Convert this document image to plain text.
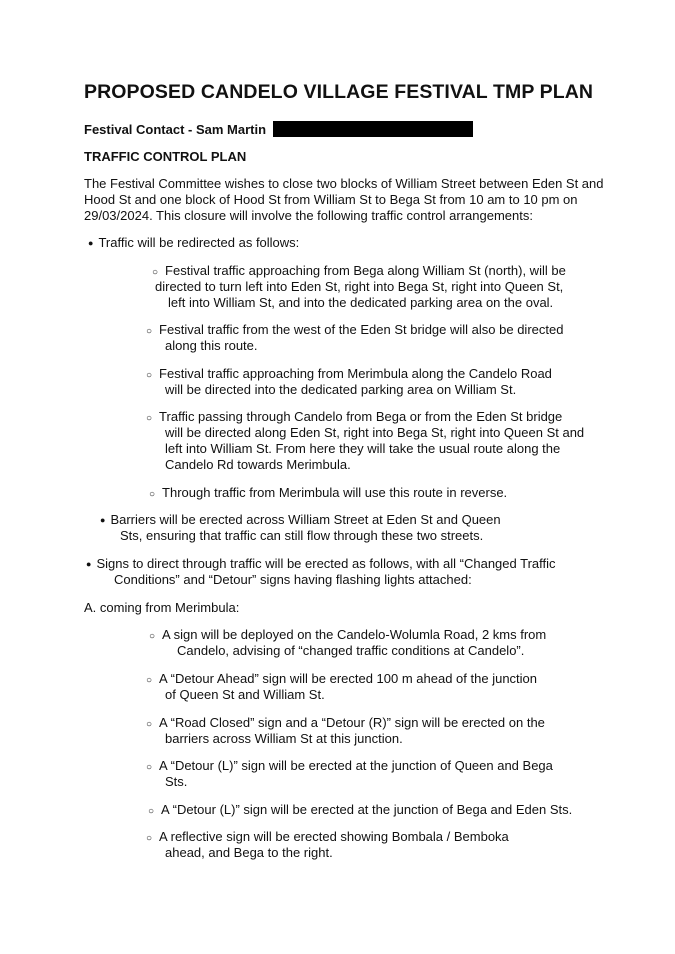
PROPOSED CANDELO VILLAGE FESTIVAL TMP PLAN
Festival Contact - Sam Martin
TRAFFIC CONTROL PLAN
The Festival Committee wishes to close two blocks of William Street between Eden St and
Hood St and one block of Hood St from William St to Bega St from 10 am to 10 pm on
29/03/2024. This closure will involve the following traffic control arrangements:
● Traffic will be redirected as follows:
○ Festival traffic approaching from Bega along William St (north), will be
directed to turn left into Eden St, right into Bega St, right into Queen St,
left into William St, and into the dedicated parking area on the oval.
○ Festival traffic from the west of the Eden St bridge will also be directed
along this route.
○ Festival traffic approaching from Merimbula along the Candelo Road
will be directed into the dedicated parking area on William St.
○ Traffic passing through Candelo from Bega or from the Eden St bridge
will be directed along Eden St, right into Bega St, right into Queen St and
left into William St. From here they will take the usual route along the
Candelo Rd towards Merimbula.
○ Through traffic from Merimbula will use this route in reverse.
● Barriers will be erected across William Street at Eden St and Queen
Sts, ensuring that traffic can still flow through these two streets.
● Signs to direct through traffic will be erected as follows, with all “Changed Traffic
Conditions” and “Detour” signs having flashing lights attached:
A. coming from Merimbula:
○ A sign will be deployed on the Candelo-Wolumla Road, 2 kms from
Candelo, advising of “changed traffic conditions at Candelo”.
○ A “Detour Ahead” sign will be erected 100 m ahead of the junction
of Queen St and William St.
○ A “Road Closed” sign and a “Detour (R)” sign will be erected on the
barriers across William St at this junction.
○ A “Detour (L)” sign will be erected at the junction of Queen and Bega
Sts.
○ A “Detour (L)” sign will be erected at the junction of Bega and Eden Sts.
○ A reflective sign will be erected showing Bombala / Bemboka
ahead, and Bega to the right.
